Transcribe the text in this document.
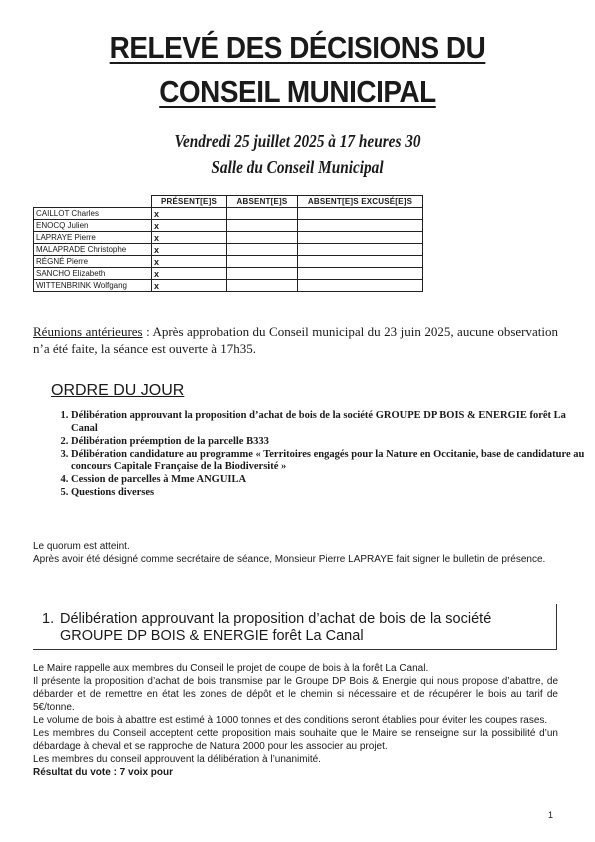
RELEVÉ DES DÉCISIONS DU
CONSEIL MUNICIPAL
Vendredi 25 juillet 2025 à 17 heures 30
Salle du Conseil Municipal
	PRÉSENT[E]S	ABSENT[E]S	ABSENT[E]S EXCUSÉ[E]S
CAILLOT Charles	x		
ENOCQ Julien	x		
LAPRAYE Pierre	x		
MALAPRADE Christophe	x		
RÉGNÉ Pierre	x		
SANCHO Elizabeth	x		
WITTENBRINK Wolfgang	x		
Réunions antérieures : Après approbation du Conseil municipal du 23 juin 2025, aucune observation n’a été faite, la séance est ouverte à 17h35.
ORDRE DU JOUR
1. Délibération approuvant la proposition d’achat de bois de la société GROUPE DP BOIS & ENERGIE forêt La Canal
2. Délibération préemption de la parcelle B333
3. Délibération candidature au programme « Territoires engagés pour la Nature en Occitanie, base de candidature au concours Capitale Française de la Biodiversité »
4. Cession de parcelles à Mme ANGUILA
5. Questions diverses
Le quorum est atteint.
Après avoir été désigné comme secrétaire de séance, Monsieur Pierre LAPRAYE fait signer le bulletin de présence.
1. Délibération approuvant la proposition d’achat de bois de la société
GROUPE DP BOIS & ENERGIE forêt La Canal

Le Maire rappelle aux membres du Conseil le projet de coupe de bois à la forêt La Canal.

Il présente la proposition d’achat de bois transmise par le Groupe DP Bois & Energie qui nous propose d’abattre, de débarder et de remettre en état les zones de dépôt et le chemin si nécessaire et de récupérer le bois au tarif de 5€/tonne.

Le volume de bois à abattre est estimé à 1000 tonnes et des conditions seront établies pour éviter les coupes rases.

Les membres du Conseil acceptent cette proposition mais souhaite que le Maire se renseigne sur la possibilité d’un débardage à cheval et se rapproche de Natura 2000 pour les associer au projet.

Les membres du conseil approuvent la délibération à l’unanimité.

Résultat du vote : 7 voix pour

1
